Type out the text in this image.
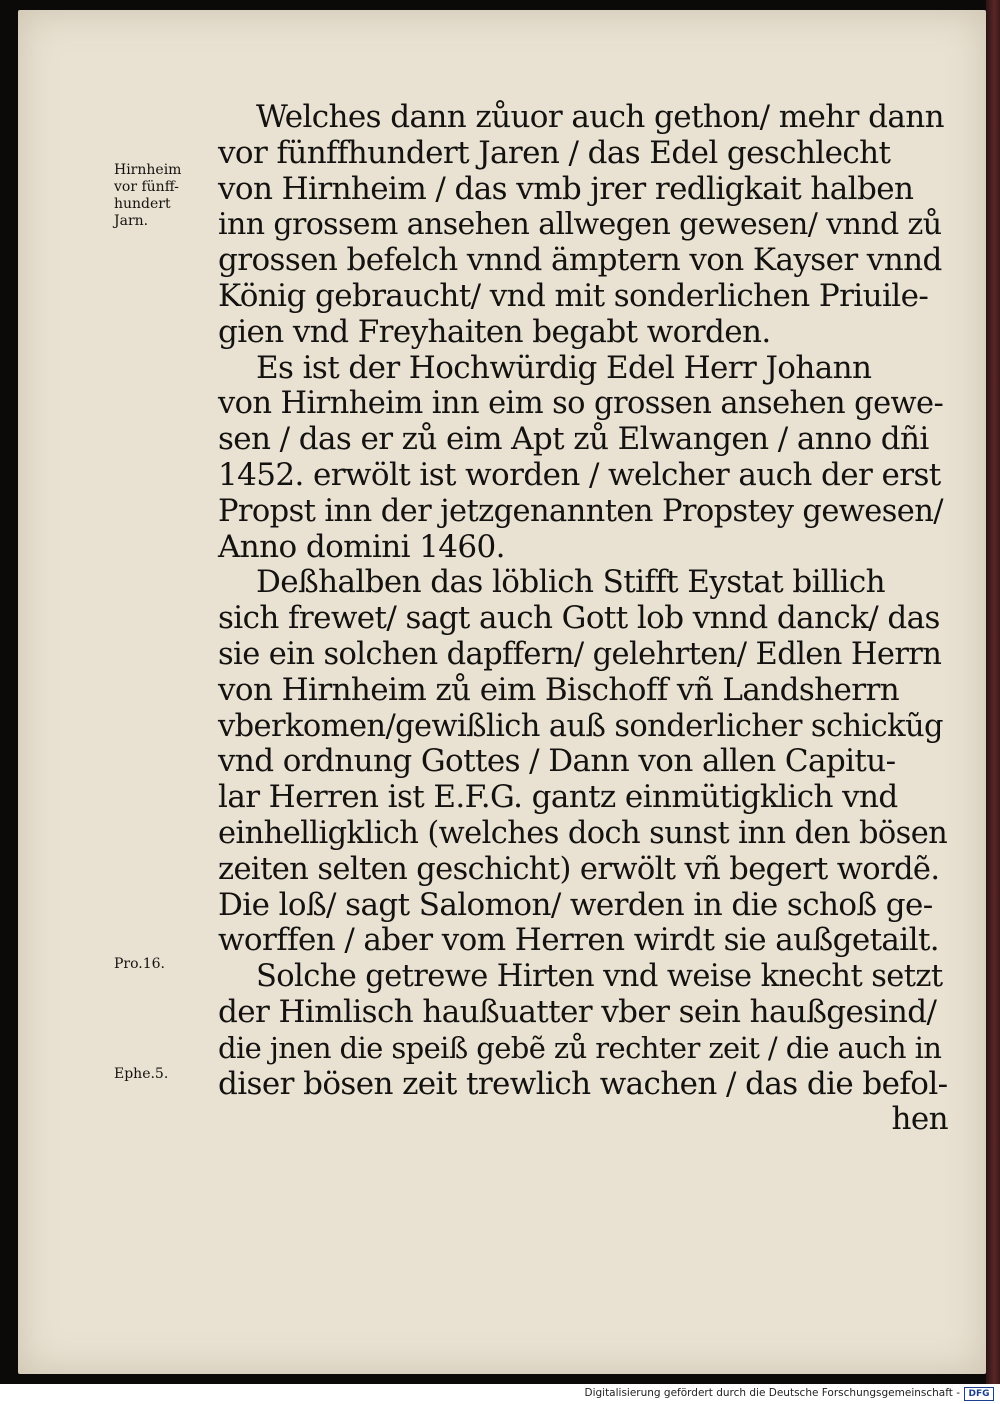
Hirnheim
vor fünff-
hundert
Jarn.
Pro.16.
Ephe.5.
Welches dann zůuor auch gethon/ mehr dann
vor fünffhundert Jaren / das Edel geschlecht
von Hirnheim / das vmb jrer redligkait halben
inn grossem ansehen allwegen gewesen/ vnnd zů
grossen befelch vnnd ämptern von Kayser vnnd
König gebraucht/ vnd mit sonderlichen Priuile-
gien vnd Freyhaiten begabt worden.
Es ist der Hochwürdig Edel Herr Johann
von Hirnheim inn eim so grossen ansehen gewe-
sen / das er zů eim Apt zů Elwangen / anno dñi
1452. erwölt ist worden / welcher auch der erst
Propst inn der jetzgenannten Propstey gewesen/
Anno domini 1460.
Deßhalben das löblich Stifft Eystat billich
sich frewet/ sagt auch Gott lob vnnd danck/ das
sie ein solchen dapffern/ gelehrten/ Edlen Herrn
von Hirnheim zů eim Bischoff vñ Landsherrn
vberkomen/gewißlich auß sonderlicher schickũg
vnd ordnung Gottes / Dann von allen Capitu-
lar Herren ist E.F.G. gantz einmütigklich vnd
einhelligklich (welches doch sunst inn den bösen
zeiten selten geschicht) erwölt vñ begert wordẽ.
Die loß/ sagt Salomon/ werden in die schoß ge-
worffen / aber vom Herren wirdt sie außgetailt.
Solche getrewe Hirten vnd weise knecht setzt
der Himlisch haußuatter vber sein haußgesind/
die jnen die speiß gebẽ zů rechter zeit / die auch in
diser bösen zeit trewlich wachen / das die befol-
hen
Digitalisierung gefördert durch die Deutsche Forschungsgemeinschaft - DFG
